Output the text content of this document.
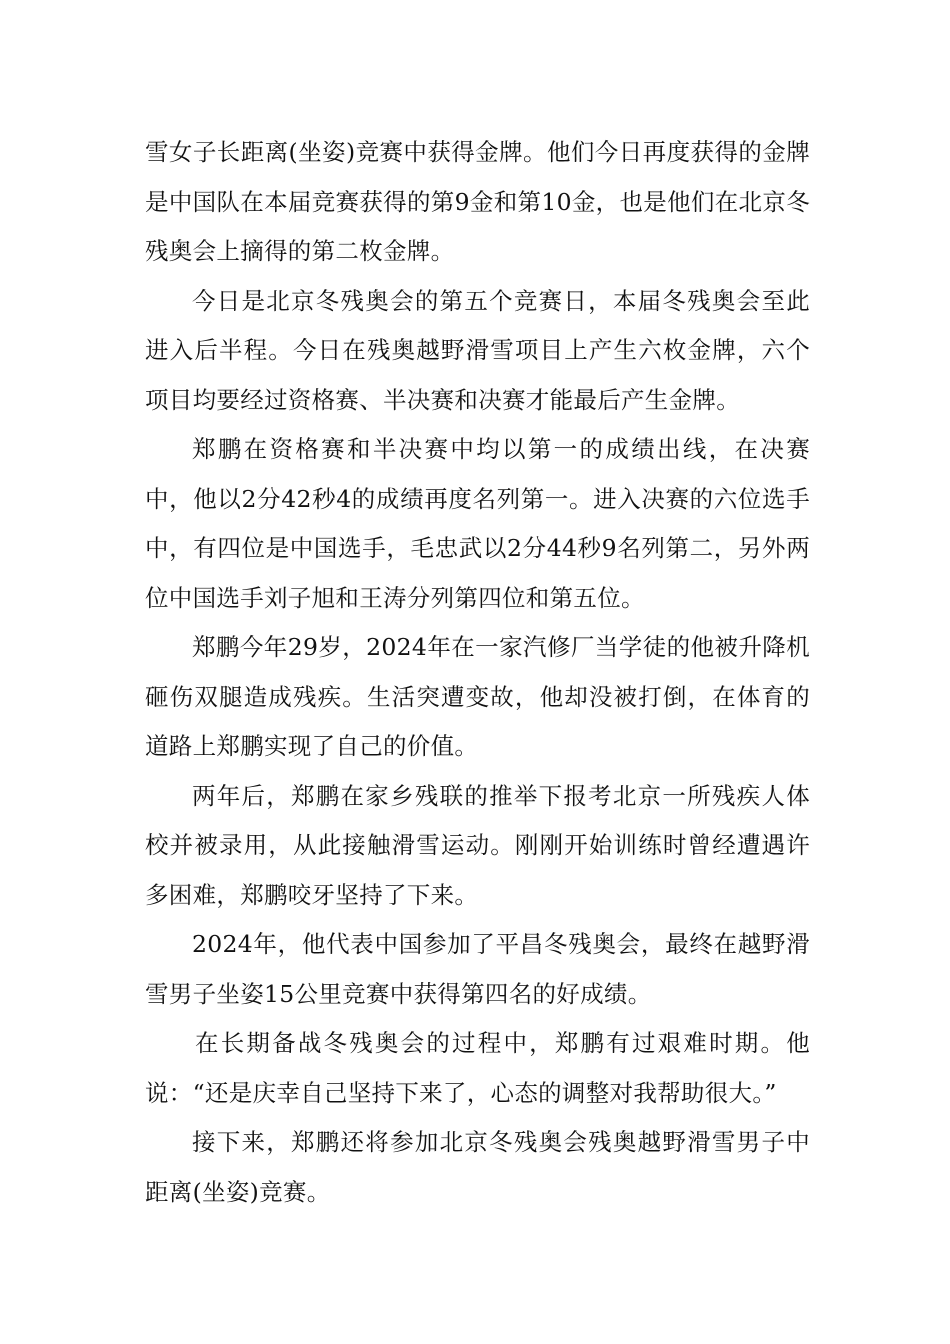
雪女子长距离(坐姿)竞赛中获得金牌。他们今日再度获得的金牌是中国队在本届竞赛获得的第9金和第10金，也是他们在北京冬残奥会上摘得的第二枚金牌。

今日是北京冬残奥会的第五个竞赛日，本届冬残奥会至此进入后半程。今日在残奥越野滑雪项目上产生六枚金牌，六个项目均要经过资格赛、半决赛和决赛才能最后产生金牌。

郑鹏在资格赛和半决赛中均以第一的成绩出线，在决赛中，他以2分42秒4的成绩再度名列第一。进入决赛的六位选手中，有四位是中国选手，毛忠武以2分44秒9名列第二，另外两位中国选手刘子旭和王涛分列第四位和第五位。

郑鹏今年29岁，2024年在一家汽修厂当学徒的他被升降机砸伤双腿造成残疾。生活突遭变故，他却没被打倒，在体育的道路上郑鹏实现了自己的价值。

两年后，郑鹏在家乡残联的推举下报考北京一所残疾人体校并被录用，从此接触滑雪运动。刚刚开始训练时曾经遭遇许多困难，郑鹏咬牙坚持了下来。

2024年，他代表中国参加了平昌冬残奥会，最终在越野滑雪男子坐姿15公里竞赛中获得第四名的好成绩。

在长期备战冬残奥会的过程中，郑鹏有过艰难时期。他说：“还是庆幸自己坚持下来了，心态的调整对我帮助很大。”

接下来，郑鹏还将参加北京冬残奥会残奥越野滑雪男子中距离(坐姿)竞赛。
